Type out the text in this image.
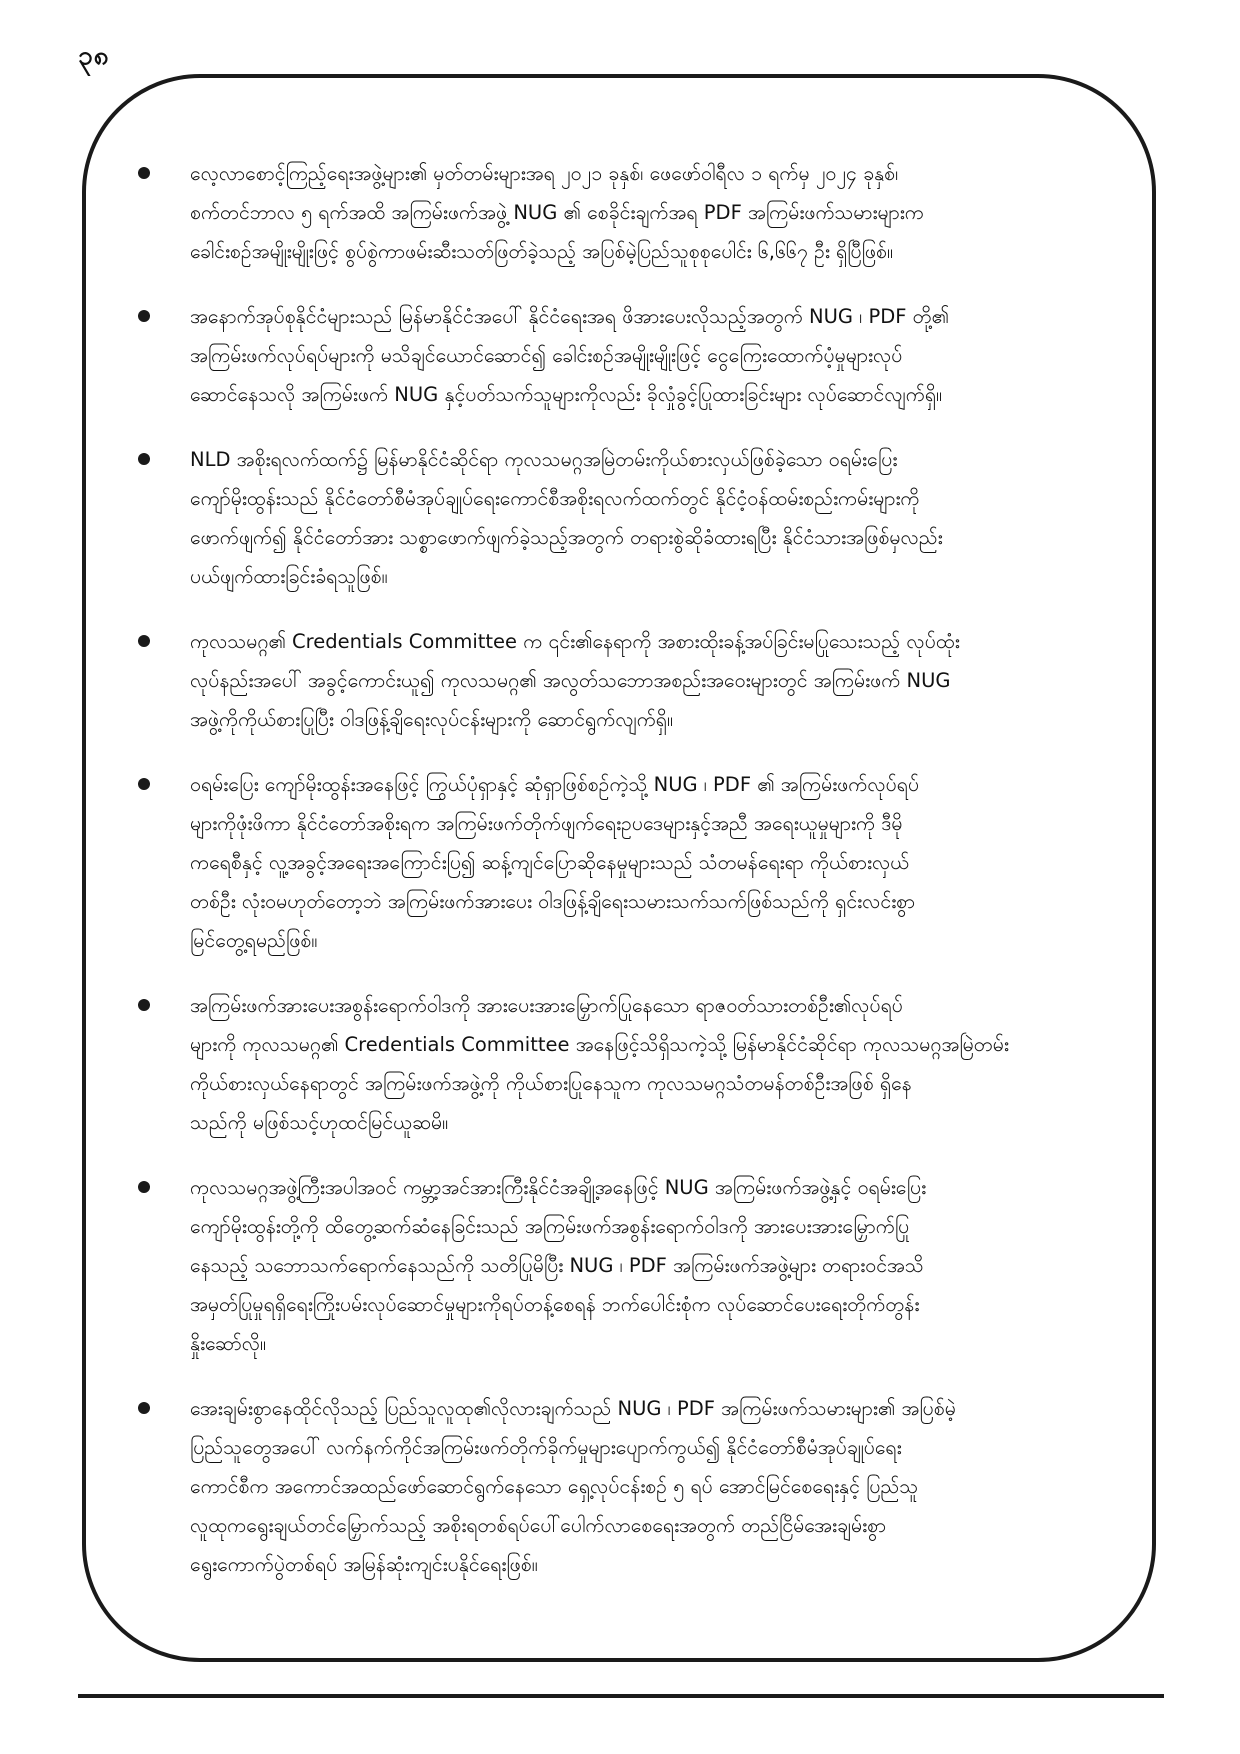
၃၈
လေ့လာစောင့်ကြည့်ရေးအဖွဲ့များ၏ မှတ်တမ်းများအရ ၂၀၂၁ ခုနှစ်၊ ဖေဖော်ဝါရီလ ၁ ရက်မှ ၂၀၂၄ ခုနှစ်၊
စက်တင်ဘာလ ၅ ရက်အထိ အကြမ်းဖက်အဖွဲ့ NUG ၏ စေခိုင်းချက်အရ PDF အကြမ်းဖက်သမားများက
ခေါင်းစဉ်အမျိုးမျိုးဖြင့် စွပ်စွဲကာဖမ်းဆီးသတ်ဖြတ်ခဲ့သည့် အပြစ်မဲ့ပြည်သူစုစုပေါင်း ၆,၆၆၇ ဦး ရှိပြီဖြစ်။
အနောက်အုပ်စုနိုင်ငံများသည် မြန်မာနိုင်ငံအပေါ် နိုင်ငံရေးအရ ဖိအားပေးလိုသည့်အတွက် NUG ၊ PDF တို့၏
အကြမ်းဖက်လုပ်ရပ်များကို မသိချင်ယောင်ဆောင်၍ ခေါင်းစဉ်အမျိုးမျိုးဖြင့် ငွေကြေးထောက်ပံ့မှုများလုပ်
ဆောင်နေသလို အကြမ်းဖက် NUG နှင့်ပတ်သက်သူများကိုလည်း ခိုလှုံခွင့်ပြုထားခြင်းများ လုပ်ဆောင်လျက်ရှိ။
NLD အစိုးရလက်ထက်၌ မြန်မာနိုင်ငံဆိုင်ရာ ကုလသမဂ္ဂအမြဲတမ်းကိုယ်စားလှယ်ဖြစ်ခဲ့သော ဝရမ်းပြေး
ကျော်မိုးထွန်းသည် နိုင်ငံတော်စီမံအုပ်ချုပ်ရေးကောင်စီအစိုးရလက်ထက်တွင် နိုင်ငံ့ဝန်ထမ်းစည်းကမ်းများကို
ဖောက်ဖျက်၍ နိုင်ငံတော်အား သစ္စာဖောက်ဖျက်ခဲ့သည့်အတွက် တရားစွဲဆိုခံထားရပြီး နိုင်ငံသားအဖြစ်မှလည်း
ပယ်ဖျက်ထားခြင်းခံရသူဖြစ်။
ကုလသမဂ္ဂ၏ Credentials Committee က ၎င်း၏နေရာကို အစားထိုးခန့်အပ်ခြင်းမပြုသေးသည့် လုပ်ထုံး
လုပ်နည်းအပေါ် အခွင့်ကောင်းယူ၍ ကုလသမဂ္ဂ၏ အလွတ်သဘောအစည်းအဝေးများတွင် အကြမ်းဖက် NUG
အဖွဲ့ကိုကိုယ်စားပြုပြီး ဝါဒဖြန့်ချိရေးလုပ်ငန်းများကို ဆောင်ရွက်လျက်ရှိ။
ဝရမ်းပြေး ကျော်မိုးထွန်းအနေဖြင့် ကြွယ်ပုံရှာနှင့် ဆုံရှာဖြစ်စဉ်ကဲ့သို့ NUG ၊ PDF ၏ အကြမ်းဖက်လုပ်ရပ်
များကိုဖုံးဖိကာ နိုင်ငံတော်အစိုးရက အကြမ်းဖက်တိုက်ဖျက်ရေးဥပဒေများနှင့်အညီ အရေးယူမှုများကို ဒီမို
ကရေစီနှင့် လူ့အခွင့်အရေးအကြောင်းပြ၍ ဆန့်ကျင်ပြောဆိုနေမှုများသည် သံတမန်ရေးရာ ကိုယ်စားလှယ်
တစ်ဦး လုံးဝမဟုတ်တော့ဘဲ အကြမ်းဖက်အားပေး ဝါဒဖြန့်ချိရေးသမားသက်သက်ဖြစ်သည်ကို ရှင်းလင်းစွာ
မြင်တွေ့ရမည်ဖြစ်။
အကြမ်းဖက်အားပေးအစွန်းရောက်ဝါဒကို အားပေးအားမြှောက်ပြုနေသော ရာဇဝတ်သားတစ်ဦး၏လုပ်ရပ်
များကို ကုလသမဂ္ဂ၏ Credentials Committee အနေဖြင့်သိရှိသကဲ့သို့ မြန်မာနိုင်ငံဆိုင်ရာ ကုလသမဂ္ဂအမြဲတမ်း
ကိုယ်စားလှယ်နေရာတွင် အကြမ်းဖက်အဖွဲ့ကို ကိုယ်စားပြုနေသူက ကုလသမဂ္ဂသံတမန်တစ်ဦးအဖြစ် ရှိနေ
သည်ကို မဖြစ်သင့်ဟုထင်မြင်ယူဆမိ။
ကုလသမဂ္ဂအဖွဲ့ကြီးအပါအဝင် ကမ္ဘာ့အင်အားကြီးနိုင်ငံအချို့အနေဖြင့် NUG အကြမ်းဖက်အဖွဲ့နှင့် ဝရမ်းပြေး
ကျော်မိုးထွန်းတို့ကို ထိတွေ့ဆက်ဆံနေခြင်းသည် အကြမ်းဖက်အစွန်းရောက်ဝါဒကို အားပေးအားမြှောက်ပြု
နေသည့် သဘောသက်ရောက်နေသည်ကို သတိပြုမိပြီး NUG ၊ PDF အကြမ်းဖက်အဖွဲ့များ တရားဝင်အသိ
အမှတ်ပြုမှုရရှိရေးကြိုးပမ်းလုပ်ဆောင်မှုများကိုရပ်တန့်စေရန် ဘက်ပေါင်းစုံက လုပ်ဆောင်ပေးရေးတိုက်တွန်း
နှိုးဆော်လို။
အေးချမ်းစွာနေထိုင်လိုသည့် ပြည်သူလူထု၏လိုလားချက်သည် NUG ၊ PDF အကြမ်းဖက်သမားများ၏ အပြစ်မဲ့
ပြည်သူတွေအပေါ် လက်နက်ကိုင်အကြမ်းဖက်တိုက်ခိုက်မှုများပျောက်ကွယ်၍ နိုင်ငံတော်စီမံအုပ်ချုပ်ရေး
ကောင်စီက အကောင်အထည်ဖော်ဆောင်ရွက်နေသော ရှေ့လုပ်ငန်းစဉ် ၅ ရပ် အောင်မြင်စေရေးနှင့် ပြည်သူ
လူထုကရွေးချယ်တင်မြှောက်သည့် အစိုးရတစ်ရပ်ပေါ်ပေါက်လာစေရေးအတွက် တည်ငြိမ်အေးချမ်းစွာ
ရွေးကောက်ပွဲတစ်ရပ် အမြန်ဆုံးကျင်းပနိုင်ရေးဖြစ်။
